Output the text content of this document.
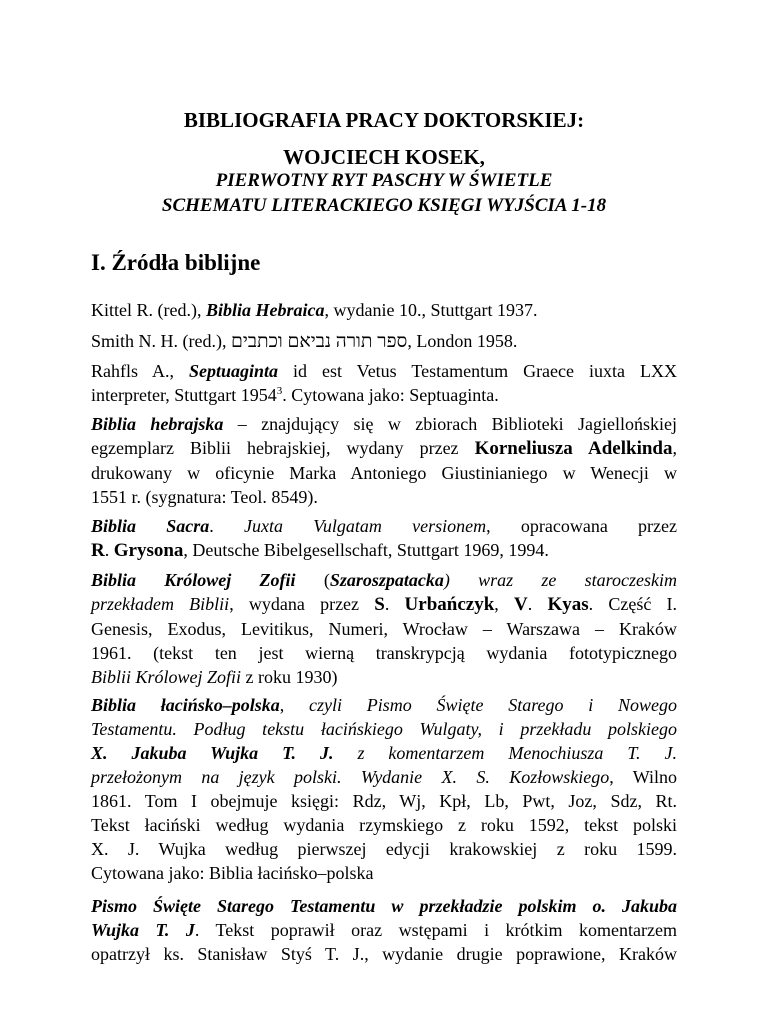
BIBLIOGRAFIA PRACY DOKTORSKIEJ:
WOJCIECH KOSEK,
PIERWOTNY RYT PASCHY W ŚWIETLE
SCHEMATU LITERACKIEGO KSIĘGI WYJŚCIA 1-18
I. Źródła biblijne
Kittel R. (red.), Biblia Hebraica, wydanie 10., Stuttgart 1937.
Smith N. H. (red.), ספר תורה נביאם וכתבים, London 1958.
Rahfls A., Septuaginta id est Vetus Testamentum Graece iuxta LXX
interpreter, Stuttgart 1954$^3$. Cytowana jako: Septuaginta.
Biblia hebrajska – znajdujący się w zbiorach Biblioteki Jagiellońskiej
egzemplarz Biblii hebrajskiej, wydany przez Korneliusza Adelkinda,
drukowany w oficynie Marka Antoniego Giustinianiego w Wenecji w
1551 r. (sygnatura: Teol. 8549).
Biblia Sacra. Juxta Vulgatam versionem, opracowana przez
R. Grysona, Deutsche Bibelgesellschaft, Stuttgart 1969, 1994.
Biblia Królowej Zofii (Szaroszpatacka) wraz ze staroczeskim
przekładem Biblii, wydana przez S. Urbańczyk, V. Kyas. Część I.
Genesis, Exodus, Levitikus, Numeri, Wrocław – Warszawa – Kraków
1961. (tekst ten jest wierną transkrypcją wydania fototypicznego
Biblii Królowej Zofii z roku 1930)
Biblia łacińsko–polska, czyli Pismo Święte Starego i Nowego
Testamentu. Podług tekstu łacińskiego Wulgaty, i przekładu polskiego
X. Jakuba Wujka T. J. z komentarzem Menochiusza T. J.
przełożonym na język polski. Wydanie X. S. Kozłowskiego, Wilno
1861. Tom I obejmuje księgi: Rdz, Wj, Kpł, Lb, Pwt, Joz, Sdz, Rt.
Tekst łaciński według wydania rzymskiego z roku 1592, tekst polski
X. J. Wujka według pierwszej edycji krakowskiej z roku 1599.
Cytowana jako: Biblia łacińsko–polska
Pismo Święte Starego Testamentu w przekładzie polskim o. Jakuba
Wujka T. J. Tekst poprawił oraz wstępami i krótkim komentarzem
opatrzył ks. Stanisław Styś T. J., wydanie drugie poprawione, Kraków
